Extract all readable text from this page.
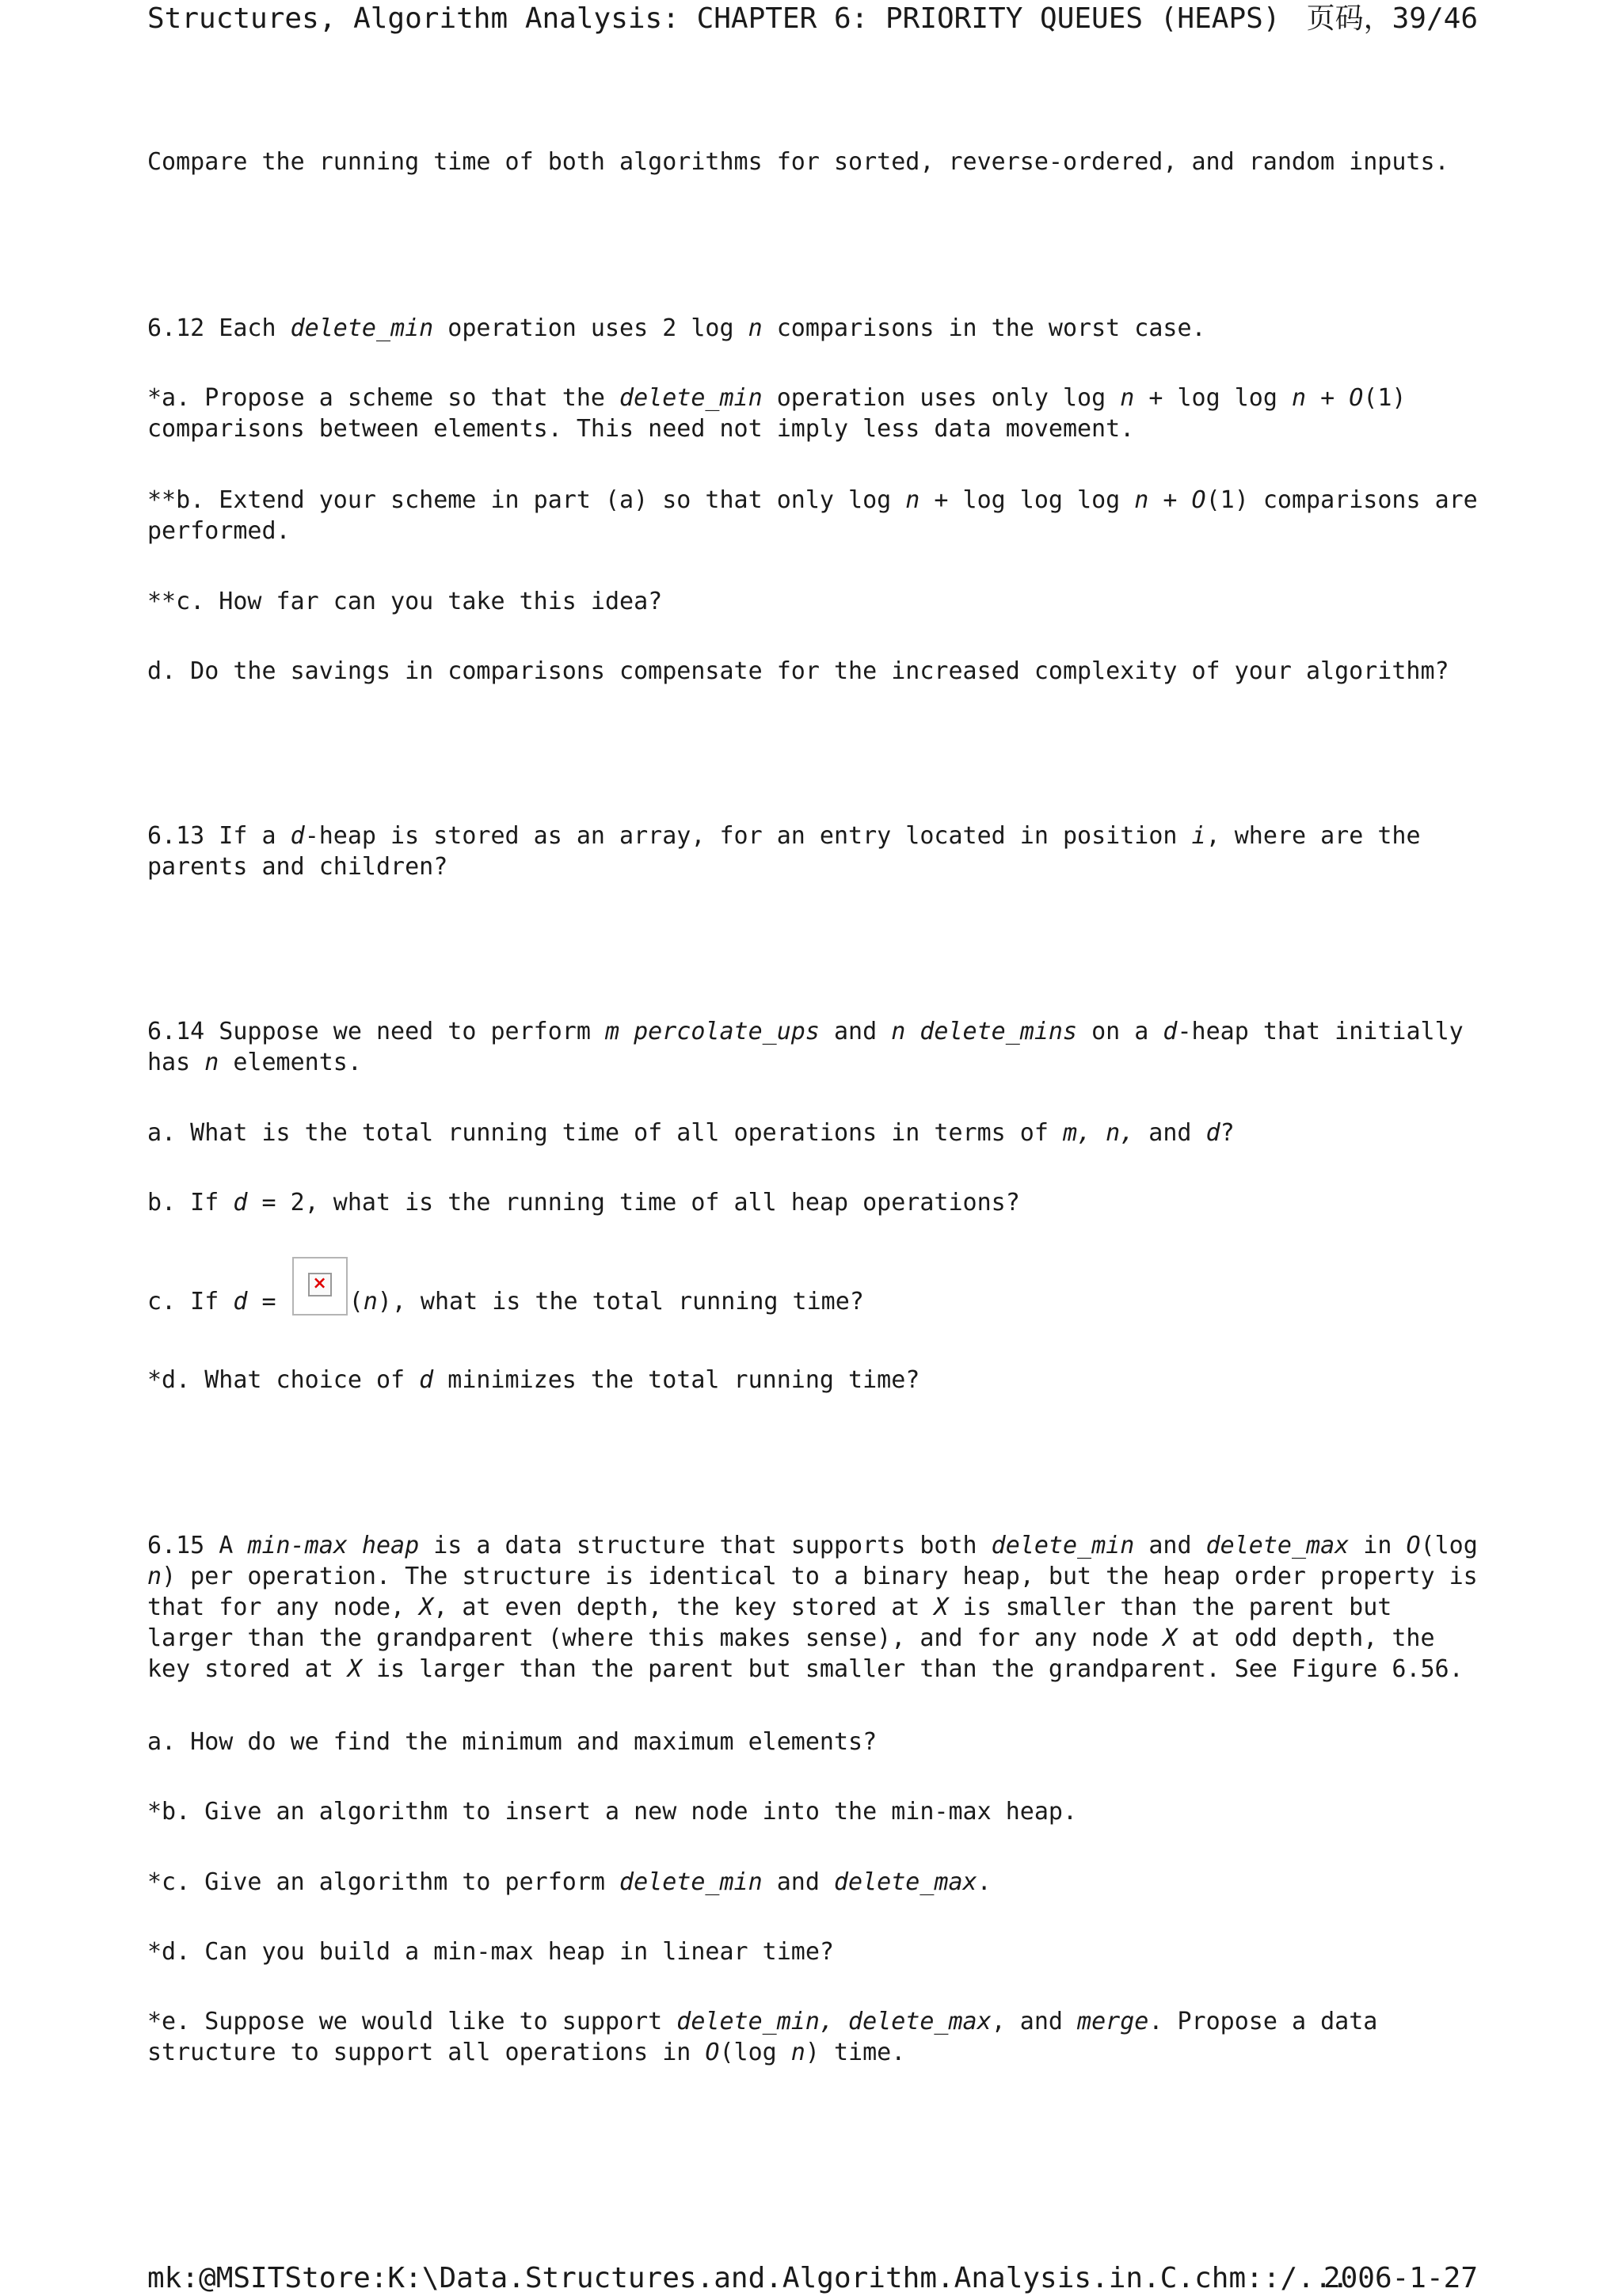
Structures, Algorithm Analysis: CHAPTER 6: PRIORITY QUEUES (HEAPS) 页码，39/46
Compare the running time of both algorithms for sorted, reverse-ordered, and random inputs.
6.12 Each delete_min operation uses 2 log n comparisons in the worst case.
*a. Propose a scheme so that the delete_min operation uses only log n + log log n + O(1) comparisons between elements. This need not imply less data movement.
**b. Extend your scheme in part (a) so that only log n + log log log n + O(1) comparisons are performed.
**c. How far can you take this idea?
d. Do the savings in comparisons compensate for the increased complexity of your algorithm?
6.13 If a d-heap is stored as an array, for an entry located in position i, where are the parents and children?
6.14 Suppose we need to perform m percolate_ups and n delete_mins on a d-heap that initially has n elements.
a. What is the total running time of all operations in terms of m, n, and d?
b. If d = 2, what is the running time of all heap operations?
c. If d =
×
(n), what is the total running time?
*d. What choice of d minimizes the total running time?
6.15 A min-max heap is a data structure that supports both delete_min and delete_max in O(log n) per operation. The structure is identical to a binary heap, but the heap order property is that for any node, X, at even depth, the key stored at X is smaller than the parent but larger than the grandparent (where this makes sense), and for any node X at odd depth, the key stored at X is larger than the parent but smaller than the grandparent. See Figure 6.56.
a. How do we find the minimum and maximum elements?
*b. Give an algorithm to insert a new node into the min-max heap.
*c. Give an algorithm to perform delete_min and delete_max.
*d. Can you build a min-max heap in linear time?
*e. Suppose we would like to support delete_min, delete_max, and merge. Propose a data structure to support all operations in O(log n) time.
mk:@MSITStore:K:\Data.Structures.and.Algorithm.Analysis.in.C.chm::/...
2006-1-27
